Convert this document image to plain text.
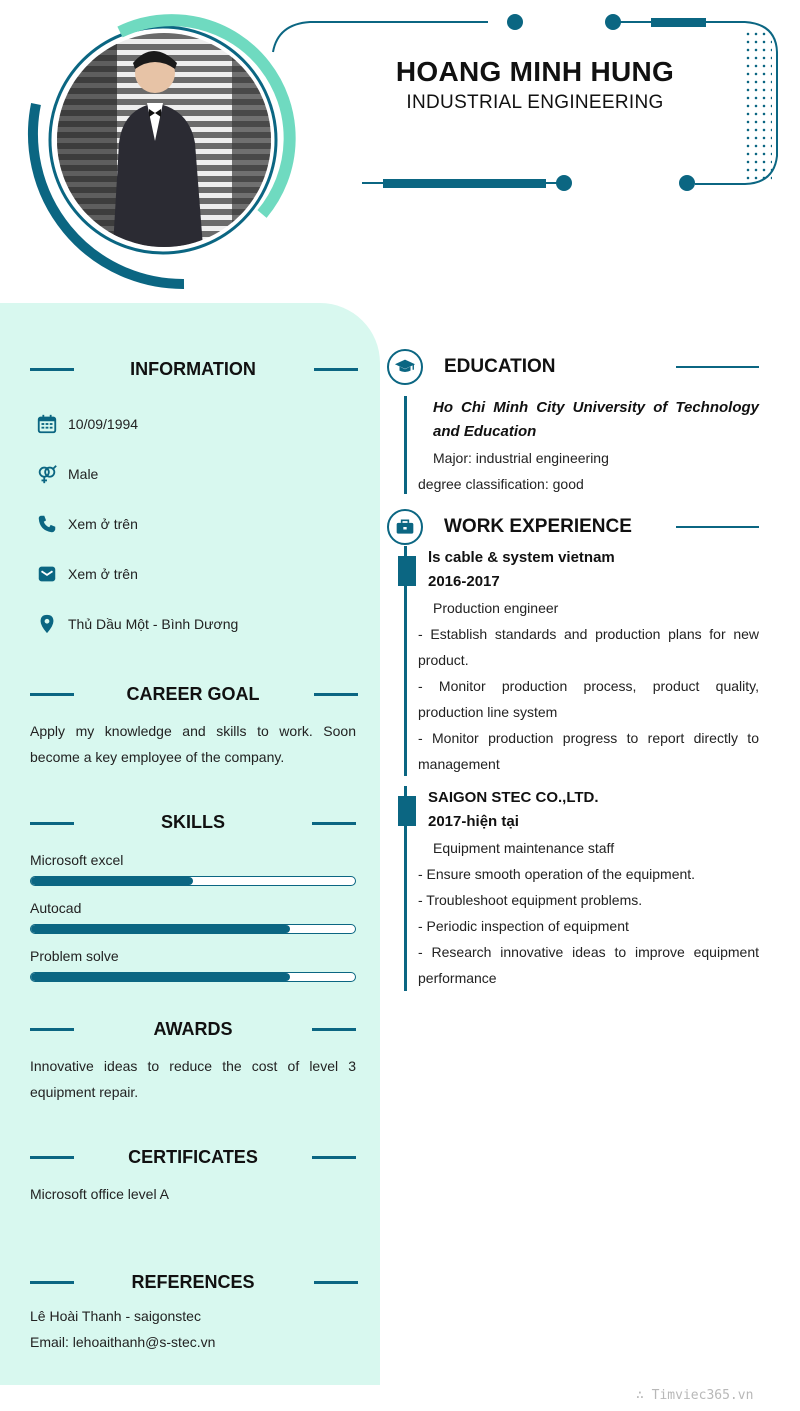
HOANG MINH HUNG
INDUSTRIAL ENGINEERING
INFORMATION
10/09/1994
Male
Xem ở trên
Xem ở trên
Thủ Dầu Một - Bình Dương
CAREER GOAL
Apply my knowledge and skills to work. Soon become a key employee of the company.
SKILLS
Microsoft excel
Autocad
Problem solve
AWARDS
Innovative ideas to reduce the cost of level 3 equipment repair.
CERTIFICATES
Microsoft office level A
REFERENCES
Lê Hoài Thanh - saigonstec
Email: lehoaithanh@s-stec.vn
EDUCATION
Ho Chi Minh City University of Technology and Education
Major: industrial engineering
degree classification: good
WORK EXPERIENCE
ls cable & system vietnam
2016-2017
Production engineer
- Establish standards and production plans for new product.
- Monitor production process, product quality, production line system
- Monitor production progress to report directly to management
SAIGON STEC CO.,LTD.
2017-hiện tại
Equipment maintenance staff
- Ensure smooth operation of the equipment.
- Troubleshoot equipment problems.
- Periodic inspection of equipment
- Research innovative ideas to improve equipment performance
∴ Timviec365.vn
